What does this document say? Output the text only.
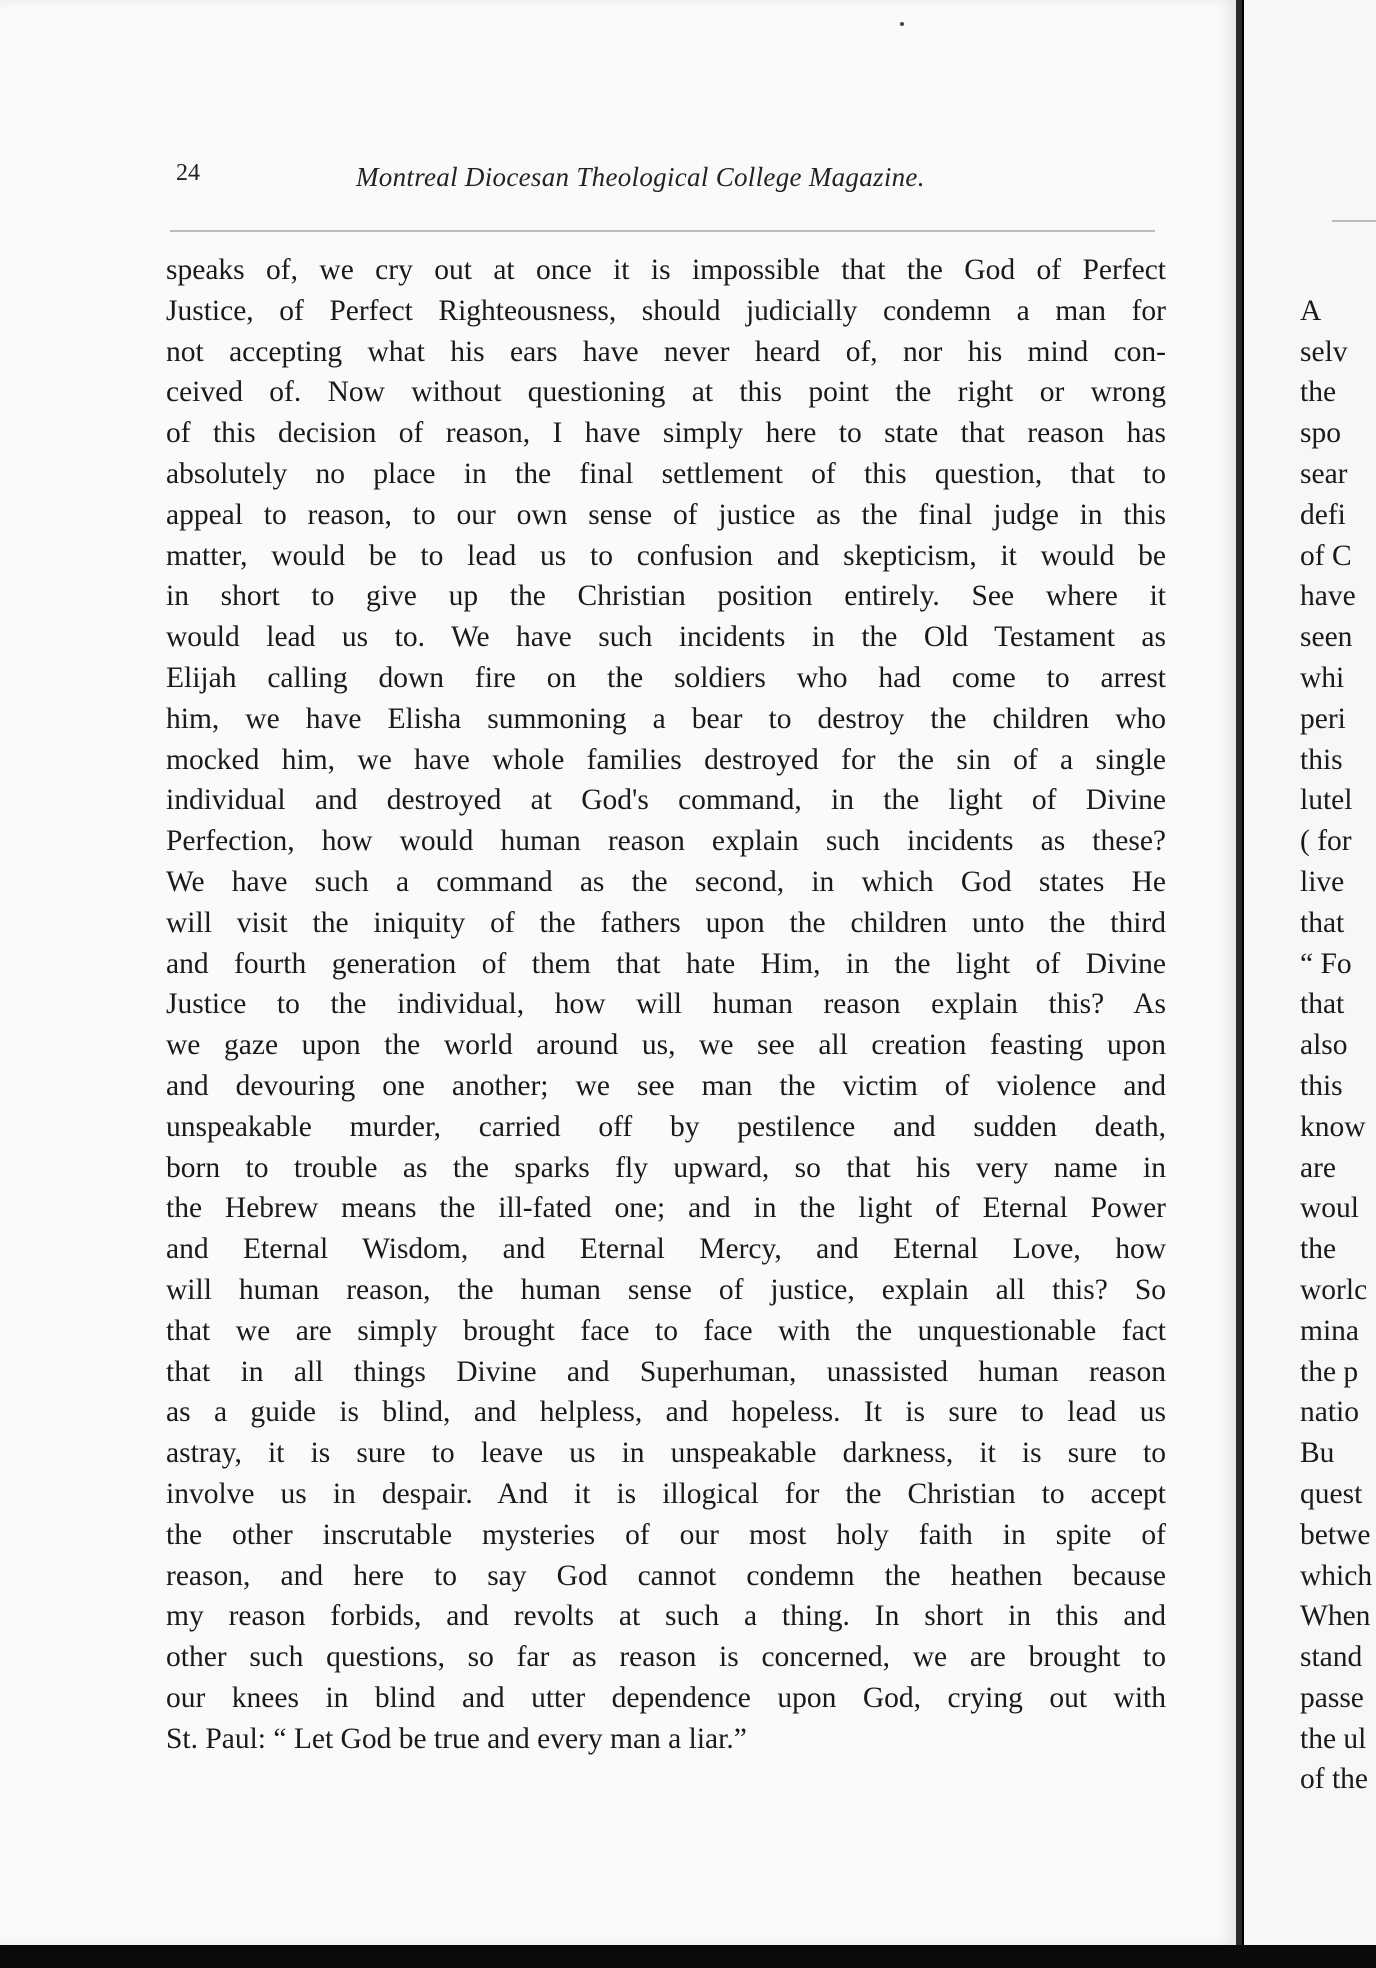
24	Montreal Diocesan Theological College Magazine.
speaks of, we cry out at once it is impossible that the God of Perfect
Justice, of Perfect Righteousness, should judicially condemn a man for
not accepting what his ears have never heard of, nor his mind con-
ceived of. Now without questioning at this point the right or wrong
of this decision of reason, I have simply here to state that reason has
absolutely no place in the final settlement of this question, that to
appeal to reason, to our own sense of justice as the final judge in this
matter, would be to lead us to confusion and skepticism, it would be
in short to give up the Christian position entirely. See where it
would lead us to. We have such incidents in the Old Testament as
Elijah calling down fire on the soldiers who had come to arrest
him, we have Elisha summoning a bear to destroy the children who
mocked him, we have whole families destroyed for the sin of a single
individual and destroyed at God's command, in the light of Divine
Perfection, how would human reason explain such incidents as these?
We have such a command as the second, in which God states He
will visit the iniquity of the fathers upon the children unto the third
and fourth generation of them that hate Him, in the light of Divine
Justice to the individual, how will human reason explain this? As
we gaze upon the world around us, we see all creation feasting upon
and devouring one another; we see man the victim of violence and
unspeakable murder, carried off by pestilence and sudden death,
born to trouble as the sparks fly upward, so that his very name in
the Hebrew means the ill-fated one; and in the light of Eternal Power
and Eternal Wisdom, and Eternal Mercy, and Eternal Love, how
will human reason, the human sense of justice, explain all this? So
that we are simply brought face to face with the unquestionable fact
that in all things Divine and Superhuman, unassisted human reason
as a guide is blind, and helpless, and hopeless. It is sure to lead us
astray, it is sure to leave us in unspeakable darkness, it is sure to
involve us in despair. And it is illogical for the Christian to accept
the other inscrutable mysteries of our most holy faith in spite of
reason, and here to say God cannot condemn the heathen because
my reason forbids, and revolts at such a thing. In short in this and
other such questions, so far as reason is concerned, we are brought to
our knees in blind and utter dependence upon God, crying out with
St. Paul: “ Let God be true and every man a liar.”
A
selv
the
spo
sear
defi
of C
have
seen
whi
peri
this
lutel
( for
live
that
“ Fo
that
also
this
know
are
woul
the
worlc
mina
the p
natio
Bu
quest
betwe
which
When
stand
passe
the ul
of the
